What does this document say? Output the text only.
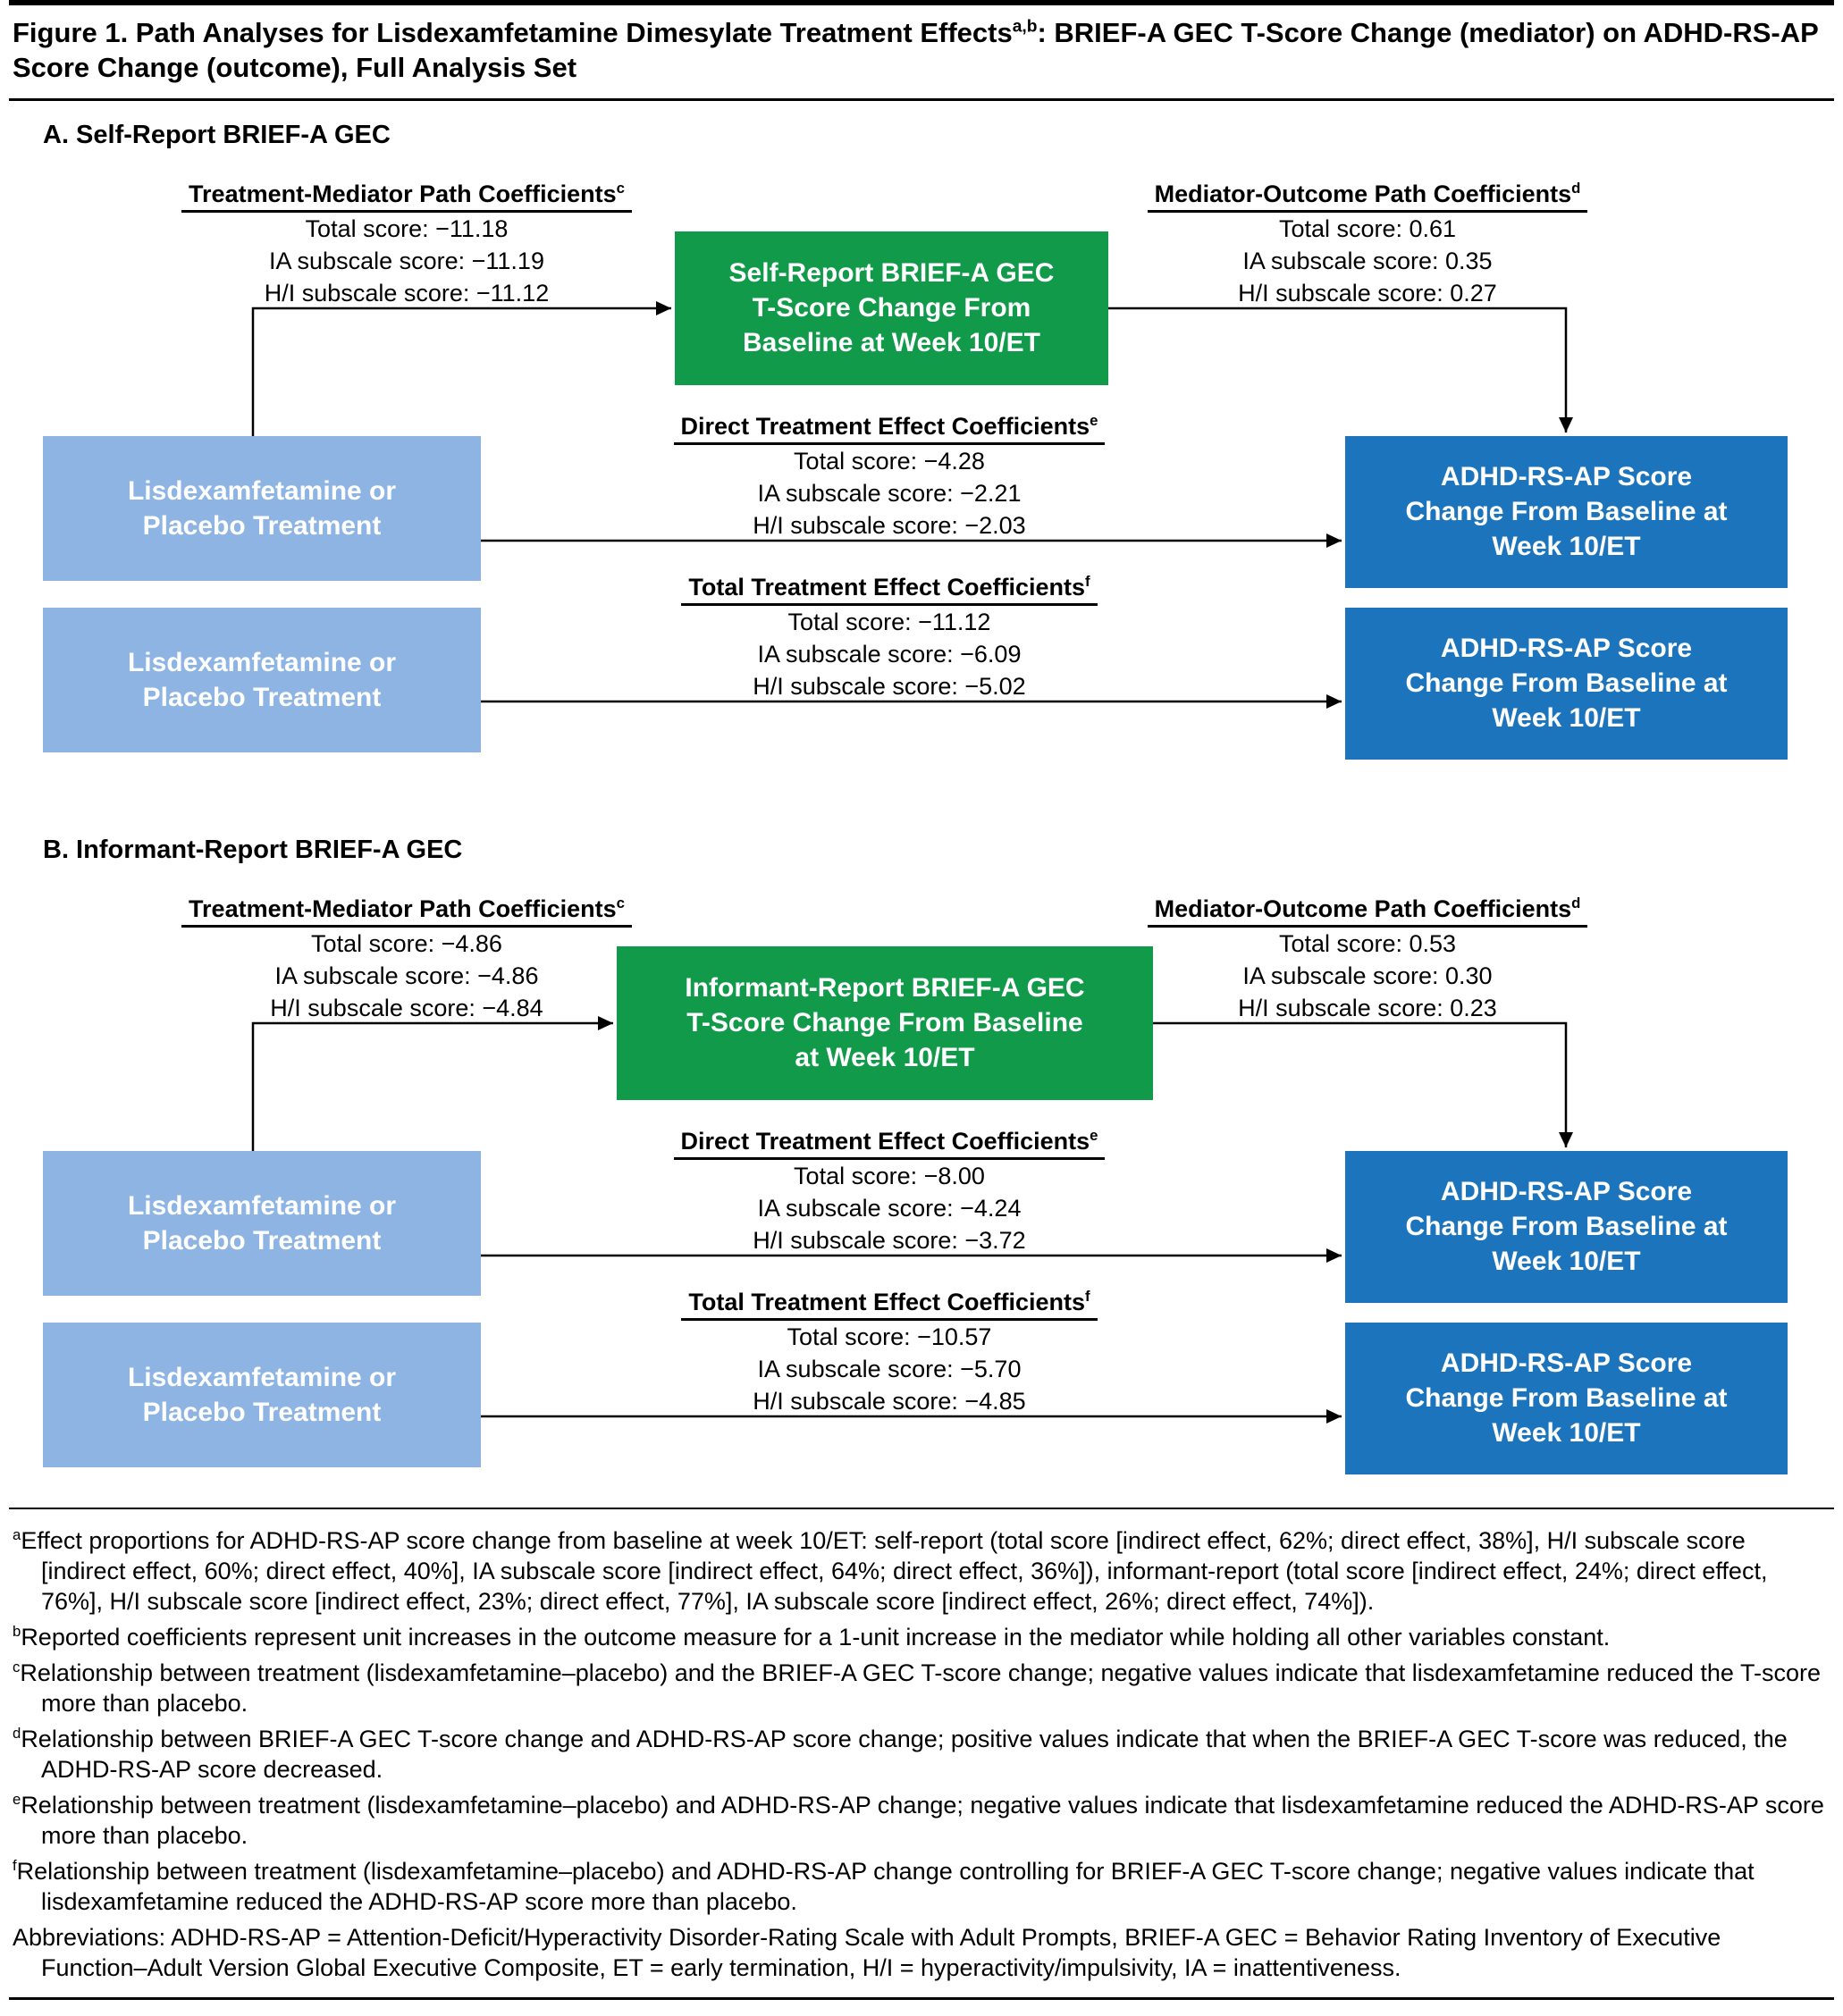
Figure 1. Path Analyses for Lisdexamfetamine Dimesylate Treatment Effects$^{a,b}$: BRIEF-A GEC T-Score Change (mediator) on ADHD-RS-AP Score Change (outcome), Full Analysis Set
A. Self-Report BRIEF-A GEC
Treatment-Mediator Path Coefficients$^c$
Total score: −11.18
IA subscale score: −11.19
H/I subscale score: −11.12
Mediator-Outcome Path Coefficients$^d$
Total score: 0.61
IA subscale score: 0.35
H/I subscale score: 0.27
Direct Treatment Effect Coefficients$^e$
Total score: −4.28
IA subscale score: −2.21
H/I subscale score: −2.03
Total Treatment Effect Coefficients$^f$
Total score: −11.12
IA subscale score: −6.09
H/I subscale score: −5.02
Self-Report BRIEF-A GEC
T-Score Change From
Baseline at Week 10/ET
Lisdexamfetamine or
Placebo Treatment
Lisdexamfetamine or
Placebo Treatment
ADHD-RS-AP Score
Change From Baseline at
Week 10/ET
ADHD-RS-AP Score
Change From Baseline at
Week 10/ET
B. Informant-Report BRIEF-A GEC
Treatment-Mediator Path Coefficients$^c$
Total score: −4.86
IA subscale score: −4.86
H/I subscale score: −4.84
Mediator-Outcome Path Coefficients$^d$
Total score: 0.53
IA subscale score: 0.30
H/I subscale score: 0.23
Direct Treatment Effect Coefficients$^e$
Total score: −8.00
IA subscale score: −4.24
H/I subscale score: −3.72
Total Treatment Effect Coefficients$^f$
Total score: −10.57
IA subscale score: −5.70
H/I subscale score: −4.85
Informant-Report BRIEF-A GEC
T-Score Change From Baseline
at Week 10/ET
Lisdexamfetamine or
Placebo Treatment
Lisdexamfetamine or
Placebo Treatment
ADHD-RS-AP Score
Change From Baseline at
Week 10/ET
ADHD-RS-AP Score
Change From Baseline at
Week 10/ET

$^a$Effect proportions for ADHD-RS-AP score change from baseline at week 10/ET: self-report (total score [indirect effect, 62%; direct effect, 38%], H/I subscale score [indirect effect, 60%; direct effect, 40%], IA subscale score [indirect effect, 64%; direct effect, 36%]), informant-report (total score [indirect effect, 24%; direct effect, 76%], H/I subscale score [indirect effect, 23%; direct effect, 77%], IA subscale score [indirect effect, 26%; direct effect, 74%]).

$^b$Reported coefficients represent unit increases in the outcome measure for a 1-unit increase in the mediator while holding all other variables constant.

$^c$Relationship between treatment (lisdexamfetamine–placebo) and the BRIEF-A GEC T-score change; negative values indicate that lisdexamfetamine reduced the T-score more than placebo.

$^d$Relationship between BRIEF-A GEC T-score change and ADHD-RS-AP score change; positive values indicate that when the BRIEF-A GEC T-score was reduced, the ADHD-RS-AP score decreased.

$^e$Relationship between treatment (lisdexamfetamine–placebo) and ADHD-RS-AP change; negative values indicate that lisdexamfetamine reduced the ADHD-RS-AP score more than placebo.

$^f$Relationship between treatment (lisdexamfetamine–placebo) and ADHD-RS-AP change controlling for BRIEF-A GEC T-score change; negative values indicate that lisdexamfetamine reduced the ADHD-RS-AP score more than placebo.

Abbreviations: ADHD-RS-AP = Attention-Deficit/Hyperactivity Disorder-Rating Scale with Adult Prompts, BRIEF-A GEC = Behavior Rating Inventory of Executive Function–Adult Version Global Executive Composite, ET = early termination, H/I = hyperactivity/impulsivity, IA = inattentiveness.
